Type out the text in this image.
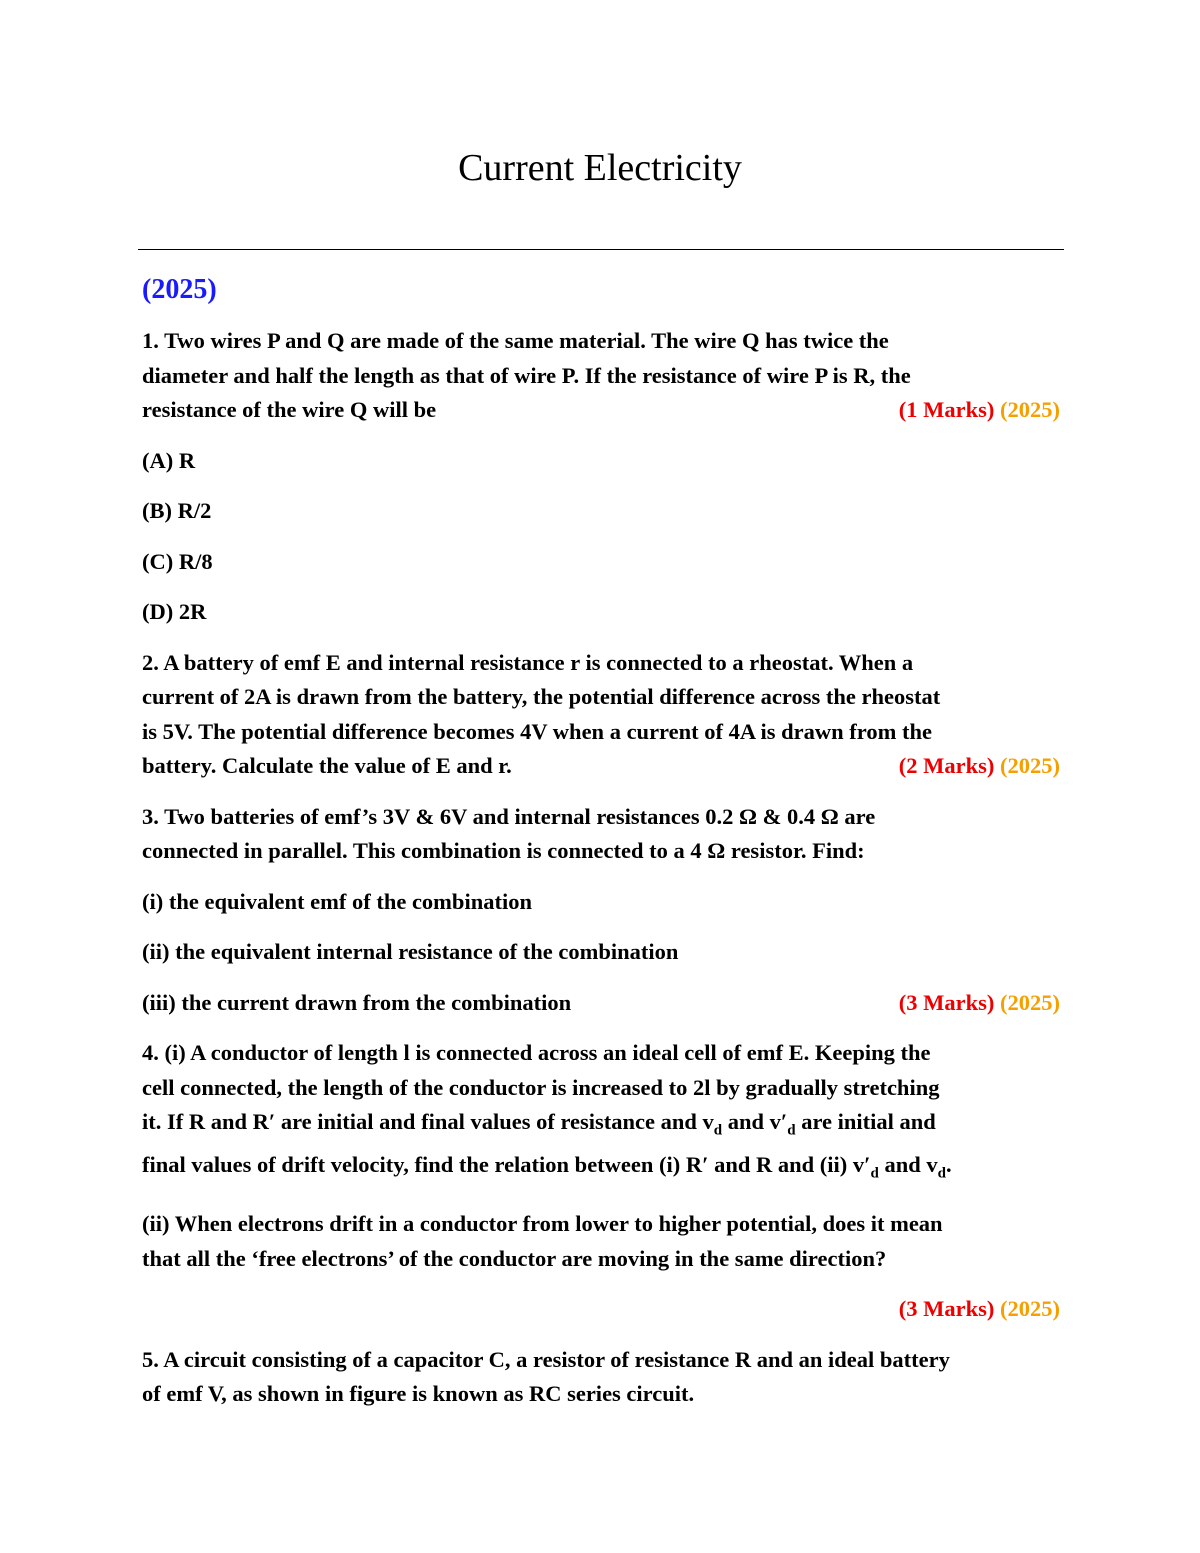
Current Electricity
(2025)
1. Two wires P and Q are made of the same material. The wire Q has twice the
diameter and half the length as that of wire P. If the resistance of wire P is R, the
resistance of the wire Q will be	(1 Marks) (2025)
(A) R
(B) R/2
(C) R/8
(D) 2R
2. A battery of emf E and internal resistance r is connected to a rheostat. When a
current of 2A is drawn from the battery, the potential difference across the rheostat
is 5V. The potential difference becomes 4V when a current of 4A is drawn from the
battery. Calculate the value of E and r.	(2 Marks) (2025)
3. Two batteries of emf’s 3V & 6V and internal resistances 0.2 Ω & 0.4 Ω are
connected in parallel. This combination is connected to a 4 Ω resistor. Find:
(i) the equivalent emf of the combination
(ii) the equivalent internal resistance of the combination
(iii) the current drawn from the combination	(3 Marks) (2025)
4. (i) A conductor of length l is connected across an ideal cell of emf E. Keeping the
cell connected, the length of the conductor is increased to 2l by gradually stretching
it. If R and R′ are initial and final values of resistance and $v_d$ and $v'_d$ are initial and
final values of drift velocity, find the relation between (i) R′ and R and (ii) $v'_d$ and $v_d$.
(ii) When electrons drift in a conductor from lower to higher potential, does it mean
that all the ‘free electrons’ of the conductor are moving in the same direction?
(3 Marks) (2025)
5. A circuit consisting of a capacitor C, a resistor of resistance R and an ideal battery
of emf V, as shown in figure is known as RC series circuit.
